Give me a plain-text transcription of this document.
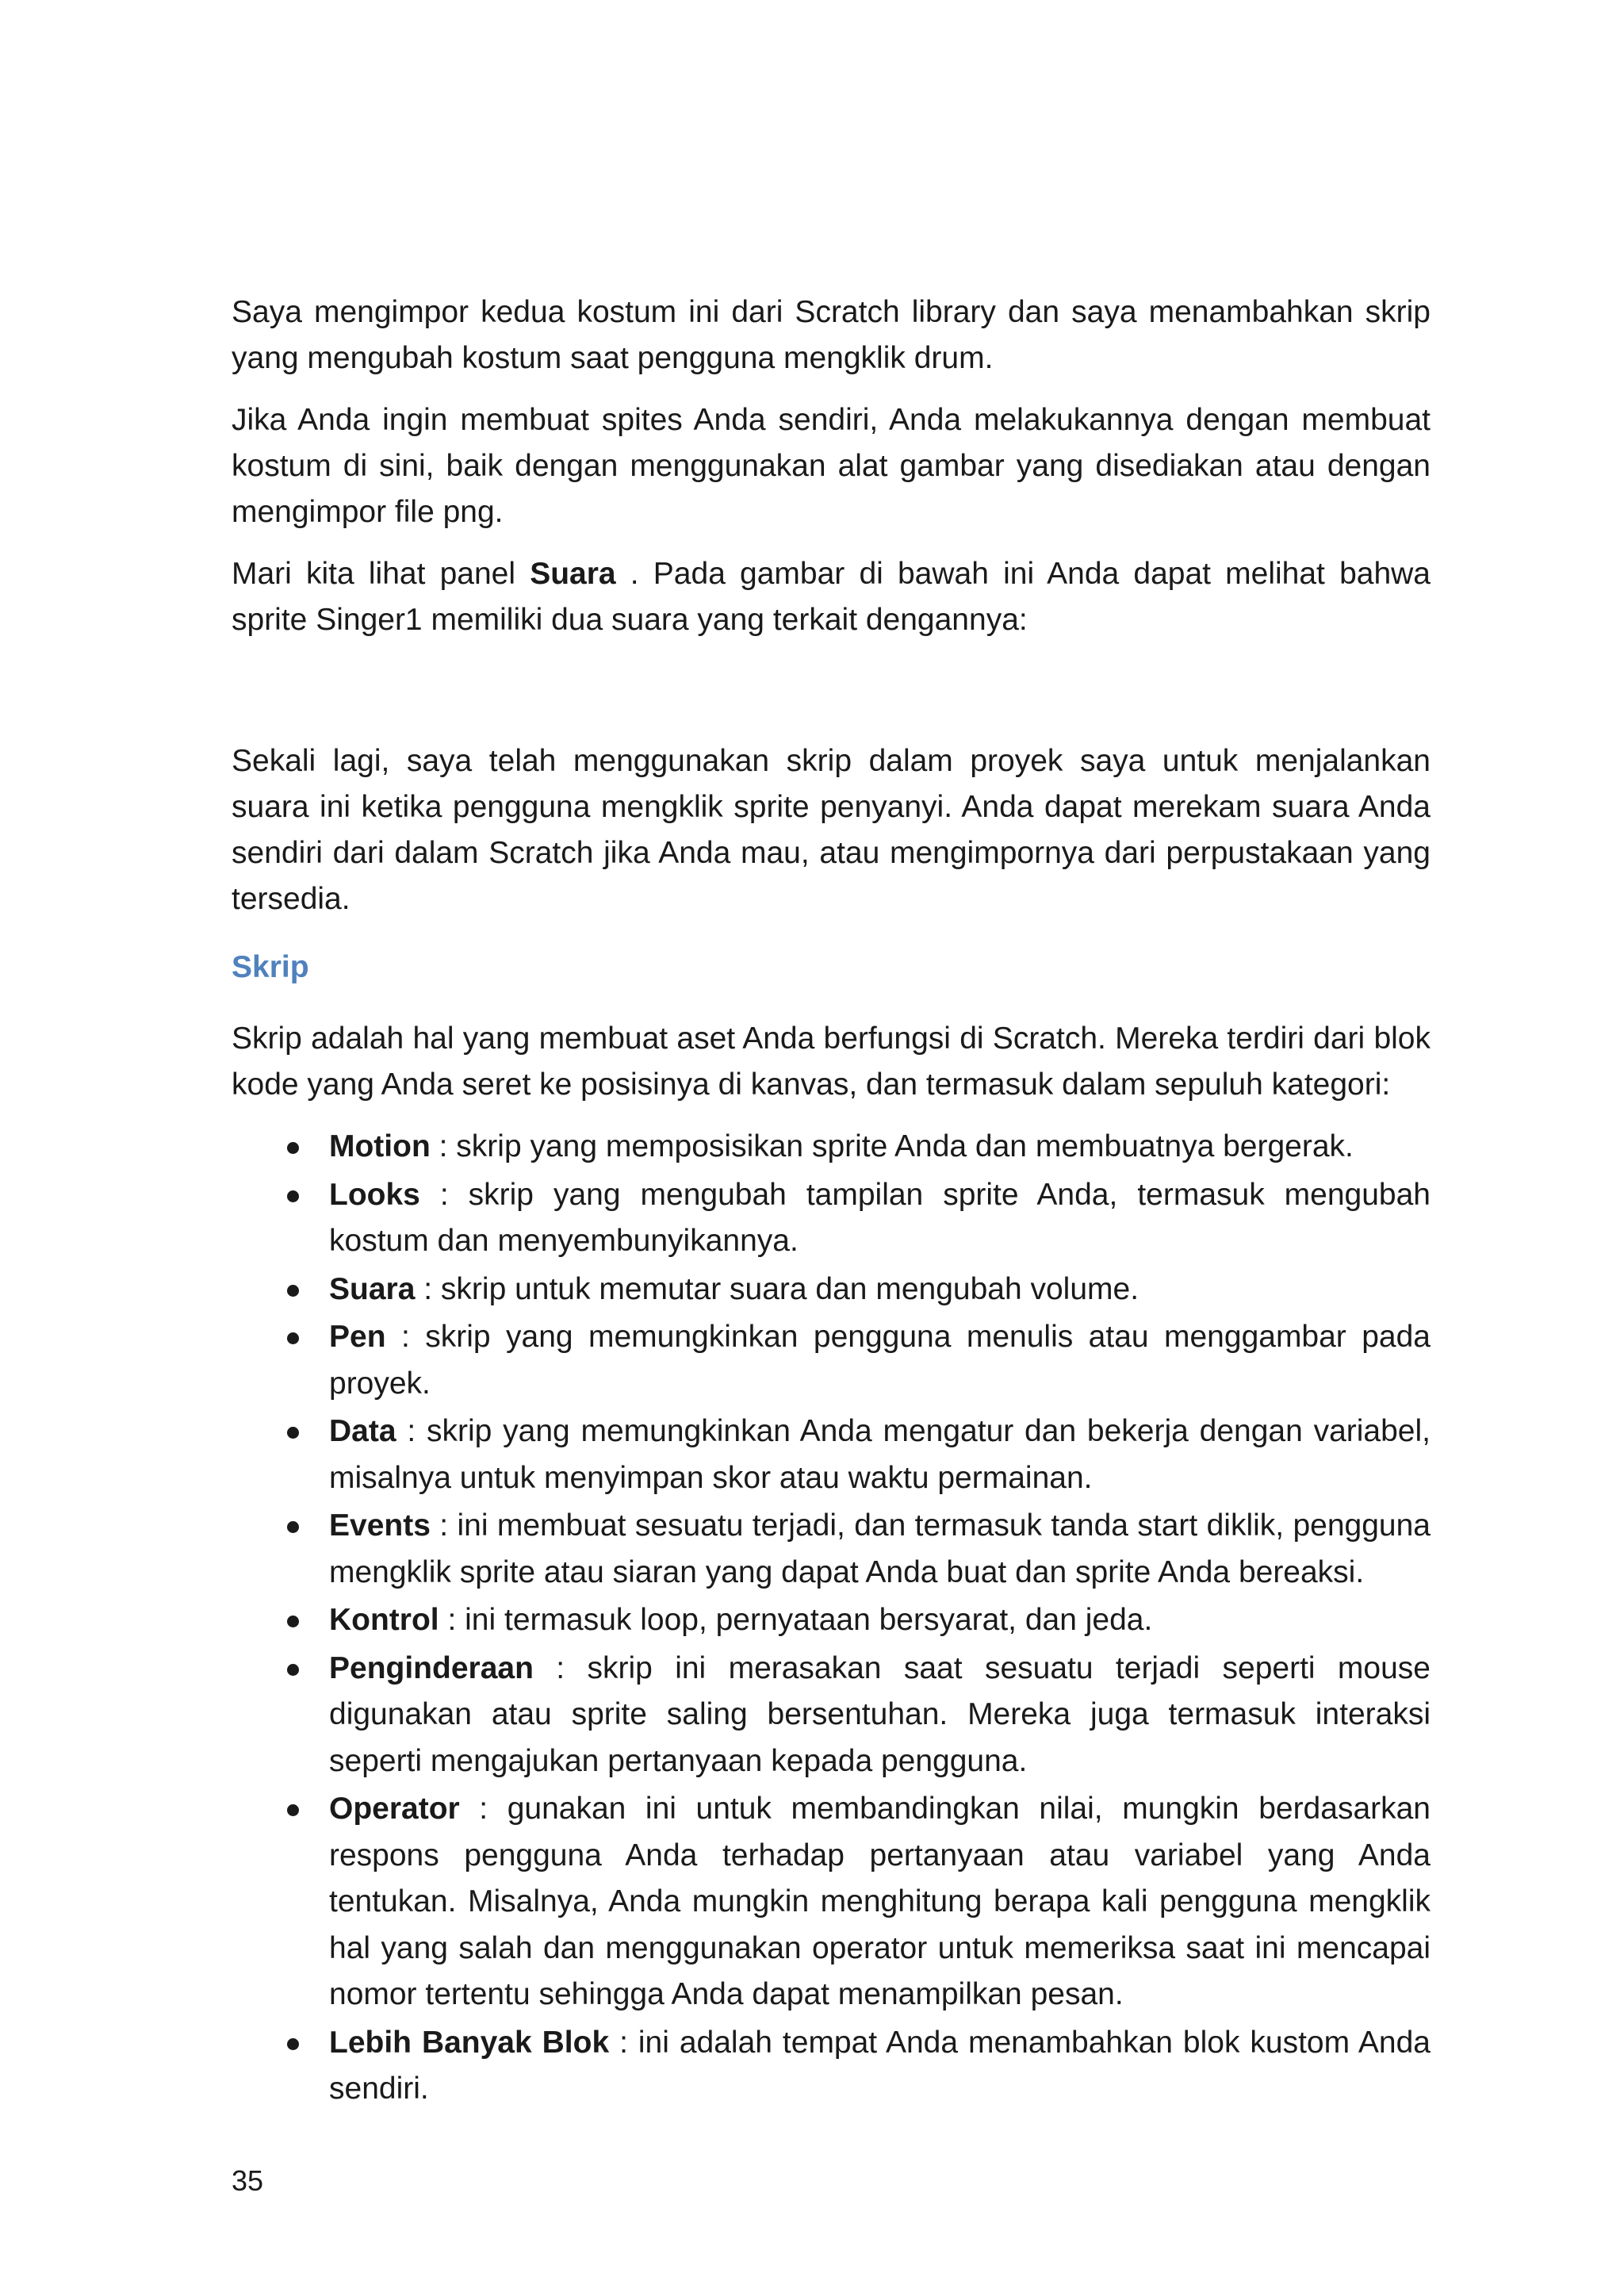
Saya mengimpor kedua kostum ini dari Scratch library dan saya menambahkan skrip yang mengubah kostum saat pengguna mengklik drum.

Jika Anda ingin membuat spites Anda sendiri, Anda melakukannya dengan membuat kostum di sini, baik dengan menggunakan alat gambar yang disediakan atau dengan mengimpor file png.

Mari kita lihat panel Suara . Pada gambar di bawah ini Anda dapat melihat bahwa sprite Singer1 memiliki dua suara yang terkait dengannya:

Sekali lagi, saya telah menggunakan skrip dalam proyek saya untuk menjalankan suara ini ketika pengguna mengklik sprite penyanyi. Anda dapat merekam suara Anda sendiri dari dalam Scratch jika Anda mau, atau mengimpornya dari perpustakaan yang tersedia.

Skrip

Skrip adalah hal yang membuat aset Anda berfungsi di Scratch. Mereka terdiri dari blok kode yang Anda seret ke posisinya di kanvas, dan termasuk dalam sepuluh kategori:

Motion : skrip yang memposisikan sprite Anda dan membuatnya bergerak.
Looks : skrip yang mengubah tampilan sprite Anda, termasuk mengubah kostum dan menyembunyikannya.
Suara : skrip untuk memutar suara dan mengubah volume.
Pen : skrip yang memungkinkan pengguna menulis atau menggambar pada proyek.
Data : skrip yang memungkinkan Anda mengatur dan bekerja dengan variabel, misalnya untuk menyimpan skor atau waktu permainan.
Events : ini membuat sesuatu terjadi, dan termasuk tanda start diklik, pengguna mengklik sprite atau siaran yang dapat Anda buat dan sprite Anda bereaksi.
Kontrol : ini termasuk loop, pernyataan bersyarat, dan jeda.
Penginderaan : skrip ini merasakan saat sesuatu terjadi seperti mouse digunakan atau sprite saling bersentuhan. Mereka juga termasuk interaksi seperti mengajukan pertanyaan kepada pengguna.
Operator : gunakan ini untuk membandingkan nilai, mungkin berdasarkan respons pengguna Anda terhadap pertanyaan atau variabel yang Anda tentukan. Misalnya, Anda mungkin menghitung berapa kali pengguna mengklik hal yang salah dan menggunakan operator untuk memeriksa saat ini mencapai nomor tertentu sehingga Anda dapat menampilkan pesan.
Lebih Banyak Blok : ini adalah tempat Anda menambahkan blok kustom Anda sendiri.
35
